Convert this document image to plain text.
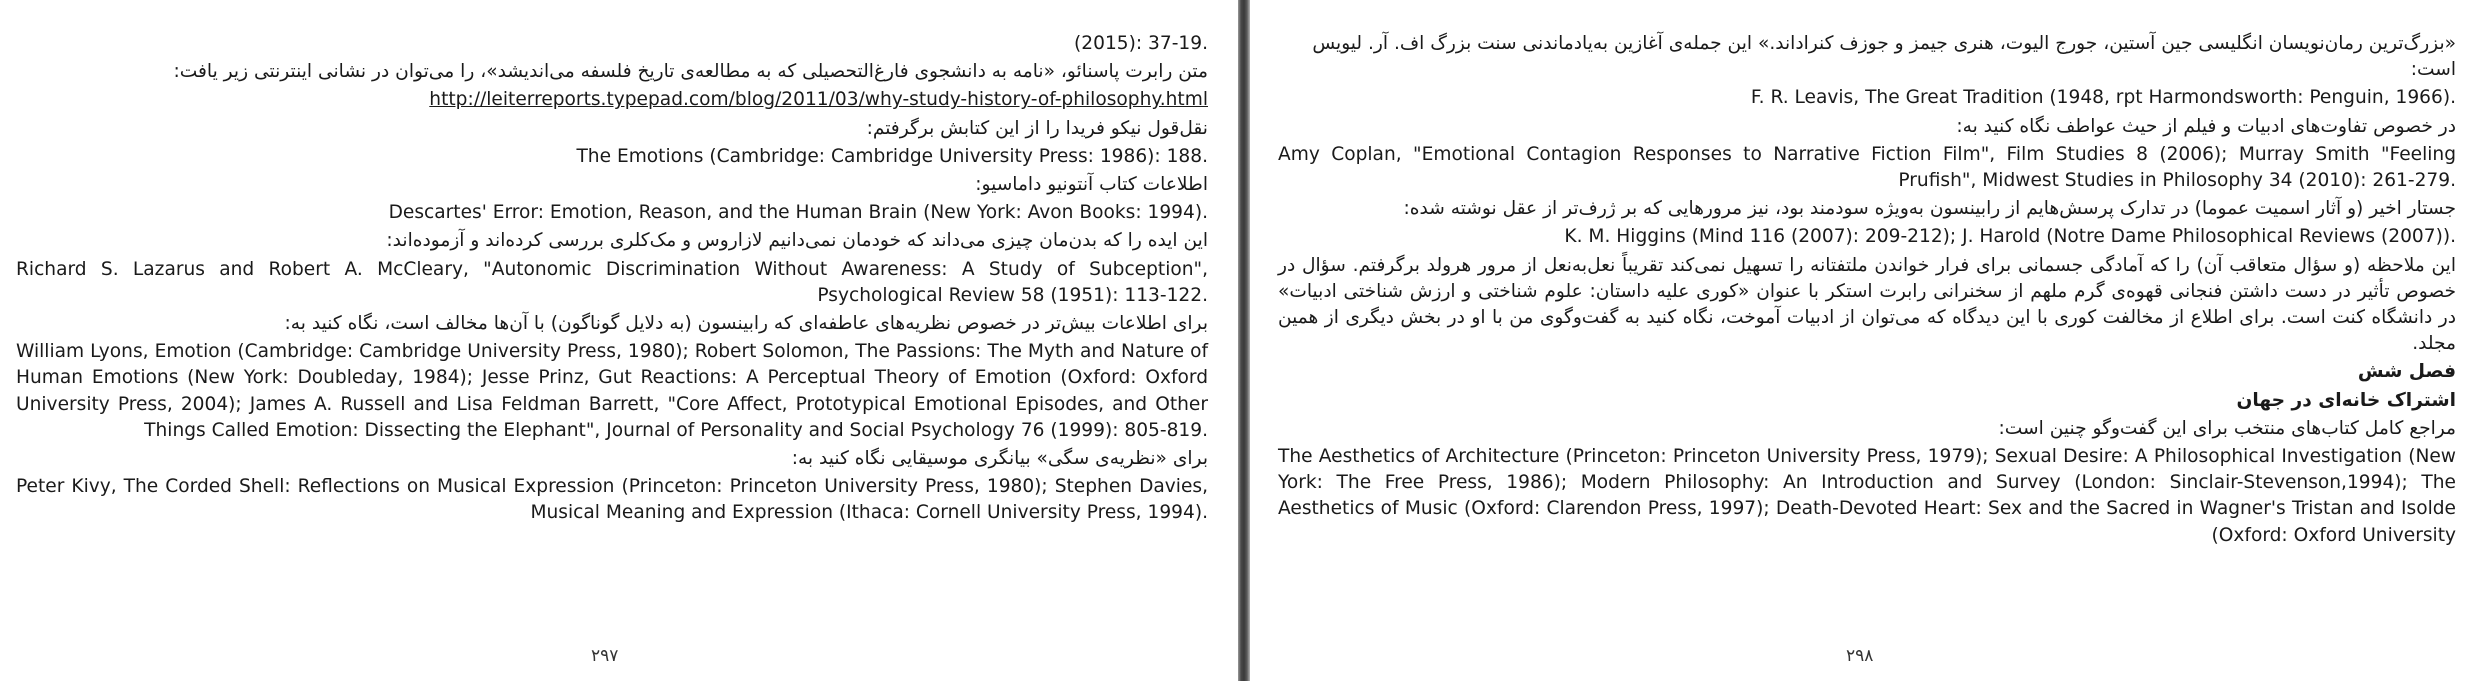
(2015): 37-19.

متن رابرت پاسنائو، «نامه به دانشجوی فارغ‌التحصیلی که به مطالعه‌ی تاریخ فلسفه می‌اندیشد»، را می‌توان در نشانی اینترنتی زیر یافت:

http://leiterreports.typepad.com/blog/2011/03/why-study-history-of-philosophy.html

نقل‌قول نیکو فریدا را از این کتابش برگرفتم:

The Emotions (Cambridge: Cambridge University Press: 1986): 188.

اطلاعات کتاب آنتونیو داماسیو:

Descartes' Error: Emotion, Reason, and the Human Brain (New York: Avon Books: 1994).

این ایده را که بدن‌مان چیزی می‌داند که خودمان نمی‌دانیم لازاروس و مک‌کلری بررسی کرده‌اند و آزموده‌اند:

Richard S. Lazarus and Robert A. McCleary, "Autonomic Discrimination Without Awareness: A Study of Subception", Psychological Review 58 (1951): 113-122.

برای اطلاعات بیش‌تر در خصوص نظریه‌های عاطفه‌ای که رابینسون (به دلایل گوناگون) با آن‌ها مخالف است، نگاه کنید به:

William Lyons, Emotion (Cambridge: Cambridge University Press, 1980); Robert Solomon, The Passions: The Myth and Nature of Human Emotions (New York: Doubleday, 1984); Jesse Prinz, Gut Reactions: A Perceptual Theory of Emotion (Oxford: Oxford University Press, 2004); James A. Russell and Lisa Feldman Barrett, "Core Affect, Prototypical Emotional Episodes, and Other Things Called Emotion: Dissecting the Elephant", Journal of Personality and Social Psychology 76 (1999): 805-819.

برای «نظریه‌ی سگی» بیانگری موسیقایی نگاه کنید به:

Peter Kivy, The Corded Shell: Reflections on Musical Expression (Princeton: Princeton University Press, 1980); Stephen Davies, Musical Meaning and Expression (Ithaca: Cornell University Press, 1994).

۲۹۷

«بزرگ‌ترین رمان‌نویسان انگلیسی جین آستین، جورج الیوت، هنری جیمز و جوزف کنراد‌اند.» این جمله‌ی آغازین به‌یادماندنی سنت بزرگ اف. آر. لیویس است:

F. R. Leavis, The Great Tradition (1948, rpt Harmondsworth: Penguin, 1966).

در خصوص تفاوت‌های ادبیات و فیلم از حیث عواطف نگاه کنید به:

Amy Coplan, "Emotional Contagion Responses to Narrative Fiction Film", Film Studies 8 (2006); Murray Smith "Feeling Prufish", Midwest Studies in Philosophy 34 (2010): 261-279.

جستار اخیر (و آثار اسمیت عموما) در تدارک پرسش‌هایم از رابینسون به‌ویژه سودمند بود، نیز مرورهایی که بر ژرف‌تر از عقل نوشته شده:

K. M. Higgins (Mind 116 (2007): 209-212); J. Harold (Notre Dame Philosophical Reviews (2007)).

این ملاحظه (و سؤال متعاقب آن) را که آمادگی جسمانی برای فرار خواندن ملتفتانه را تسهیل نمی‌کند تقریباً نعل‌به‌نعل از مرور هرولد برگرفتم. سؤال در خصوص تأثیر در دست داشتن فنجانی قهوه‌ی گرم ملهم از سخنرانی رابرت استکر با عنوان «کوری علیه داستان: علوم شناختی و ارزش شناختی ادبیات» در دانشگاه کنت است. برای اطلاع از مخالفت کوری با این دیدگاه که می‌توان از ادبیات آموخت، نگاه کنید به گفت‌وگوی من با او در بخش دیگری از همین مجلد.

فصل شش

اشتراک خانه‌ای در جهان

مراجع کامل کتاب‌های منتخب برای این گفت‌وگو چنین است:

The Aesthetics of Architecture (Princeton: Princeton University Press, 1979); Sexual Desire: A Philosophical Investigation (New York: The Free Press, 1986); Modern Philosophy: An Introduction and Survey (London: Sinclair-Stevenson,1994); The Aesthetics of Music (Oxford: Clarendon Press, 1997); Death-Devoted Heart: Sex and the Sacred in Wagner's Tristan and Isolde (Oxford: Oxford University

۲۹۸
